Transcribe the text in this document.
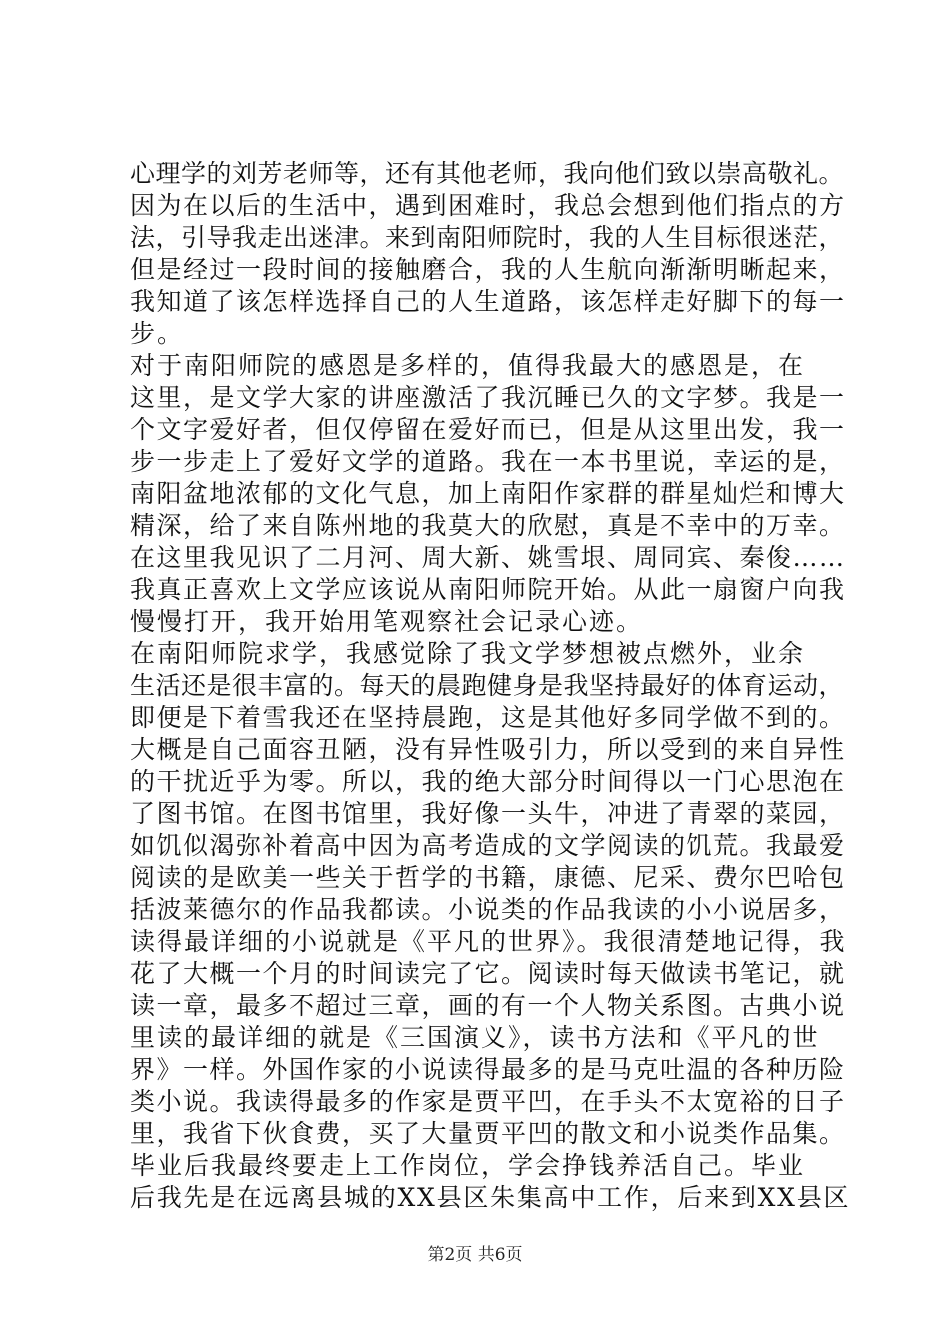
心理学的刘芳老师等，还有其他老师，我向他们致以崇高敬礼。
因为在以后的生活中，遇到困难时，我总会想到他们指点的方
法，引导我走出迷津。来到南阳师院时，我的人生目标很迷茫，
但是经过一段时间的接触磨合，我的人生航向渐渐明晰起来，
我知道了该怎样选择自己的人生道路，该怎样走好脚下的每一
步。
对于南阳师院的感恩是多样的，值得我最大的感恩是，在
这里，是文学大家的讲座激活了我沉睡已久的文字梦。我是一
个文字爱好者，但仅停留在爱好而已，但是从这里出发，我一
步一步走上了爱好文学的道路。我在一本书里说，幸运的是，
南阳盆地浓郁的文化气息，加上南阳作家群的群星灿烂和博大
精深，给了来自陈州地的我莫大的欣慰，真是不幸中的万幸。
在这里我见识了二月河、周大新、姚雪垠、周同宾、秦俊……
我真正喜欢上文学应该说从南阳师院开始。从此一扇窗户向我
慢慢打开，我开始用笔观察社会记录心迹。
在南阳师院求学，我感觉除了我文学梦想被点燃外，业余
生活还是很丰富的。每天的晨跑健身是我坚持最好的体育运动，
即便是下着雪我还在坚持晨跑，这是其他好多同学做不到的。
大概是自己面容丑陋，没有异性吸引力，所以受到的来自异性
的干扰近乎为零。所以，我的绝大部分时间得以一门心思泡在
了图书馆。在图书馆里，我好像一头牛，冲进了青翠的菜园，
如饥似渴弥补着高中因为高考造成的文学阅读的饥荒。我最爱
阅读的是欧美一些关于哲学的书籍，康德、尼采、费尔巴哈包
括波莱德尔的作品我都读。小说类的作品我读的小小说居多，
读得最详细的小说就是《平凡的世界》。我很清楚地记得，我
花了大概一个月的时间读完了它。阅读时每天做读书笔记，就
读一章，最多不超过三章，画的有一个人物关系图。古典小说
里读的最详细的就是《三国演义》，读书方法和《平凡的世
界》一样。外国作家的小说读得最多的是马克吐温的各种历险
类小说。我读得最多的作家是贾平凹，在手头不太宽裕的日子
里，我省下伙食费，买了大量贾平凹的散文和小说类作品集。
毕业后我最终要走上工作岗位，学会挣钱养活自己。毕业
后我先是在远离县城的XX县区朱集高中工作，后来到XX县区
第2页 共6页
